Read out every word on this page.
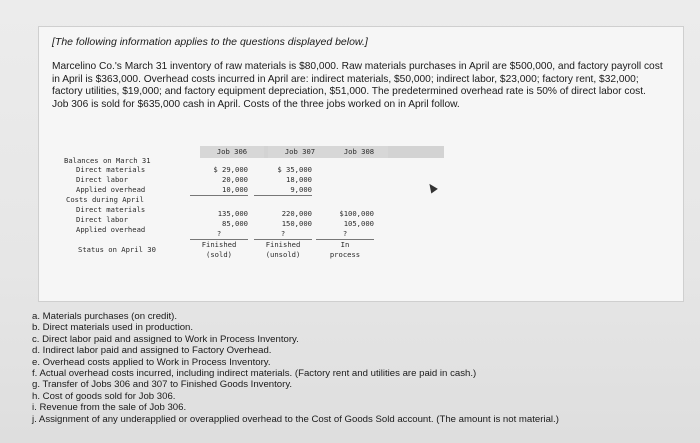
[The following information applies to the questions displayed below.]
Marcelino Co.'s March 31 inventory of raw materials is $80,000. Raw materials purchases in April are $500,000, and factory payroll cost in April is $363,000. Overhead costs incurred in April are: indirect materials, $50,000; indirect labor, $23,000; factory rent, $32,000; factory utilities, $19,000; and factory equipment depreciation, $51,000. The predetermined overhead rate is 50% of direct labor cost. Job 306 is sold for $635,000 cash in April. Costs of the three jobs worked on in April follow.
Job 306	Job 307	Job 308
Balances on March 31
Direct materials
Direct labor
Applied overhead
Costs during April
Direct materials
Direct labor
Applied overhead
Status on April 30
$ 29,000
20,000
10,000
135,000
85,000
?
Finished
(sold)
$ 35,000
18,000
9,000
220,000
150,000
?
Finished
(unsold)
$100,000
105,000
?
In
process
a. Materials purchases (on credit).
b. Direct materials used in production.
c. Direct labor paid and assigned to Work in Process Inventory.
d. Indirect labor paid and assigned to Factory Overhead.
e. Overhead costs applied to Work in Process Inventory.
f. Actual overhead costs incurred, including indirect materials. (Factory rent and utilities are paid in cash.)
g. Transfer of Jobs 306 and 307 to Finished Goods Inventory.
h. Cost of goods sold for Job 306.
i. Revenue from the sale of Job 306.
j. Assignment of any underapplied or overapplied overhead to the Cost of Goods Sold account. (The amount is not material.)
